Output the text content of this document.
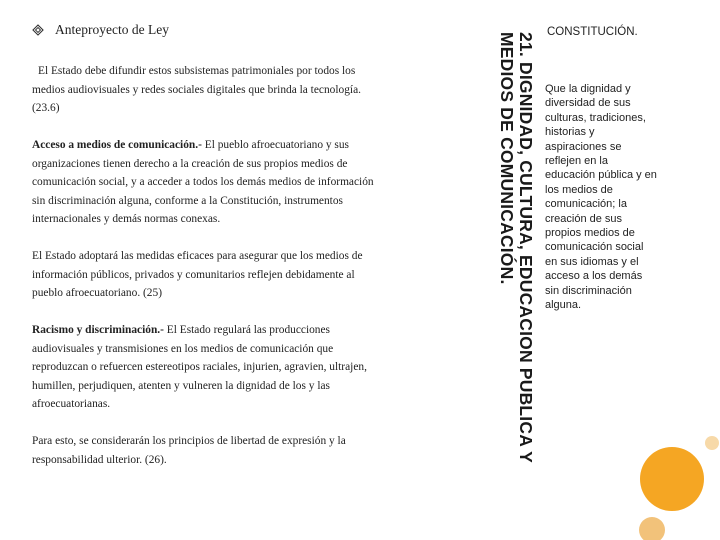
Anteproyecto de Ley

El Estado debe difundir estos subsistemas patrimoniales por todos los medios audiovisuales y redes sociales digitales que brinda la tecnología. (23.6)

Acceso a medios de comunicación.- El pueblo afroecuatoriano y sus organizaciones tienen derecho a la creación de sus propios medios de comunicación social, y a acceder a todos los demás medios de información sin discriminación alguna, conforme a la Constitución, instrumentos internacionales y demás normas conexas.

El Estado adoptará las medidas eficaces para asegurar que los medios de información públicos, privados y comunitarios reflejen debidamente al pueblo afroecuatoriano. (25)

Racismo y discriminación.- El Estado regulará las producciones audiovisuales y transmisiones en los medios de comunicación que reproduzcan o refuercen estereotipos raciales, injurien, agravien, ultrajen, humillen, perjudiquen, atenten y vulneren la dignidad de los y las afroecuatorianas.

Para esto, se considerarán los principios de libertad de expresión y la responsabilidad ulterior. (26).	21. DIGNIDAD, CULTURA, EDUCACION PUBLICA Y
MEDIOS DE COMUNICACIÓN.	CONSTITUCIÓN.
Que la dignidad y diversidad de sus culturas, tradiciones, historias y aspiraciones se reflejen en la educación pública y en los medios de comunicación; la creación de sus propios medios de comunicación social en sus idiomas y el acceso a los demás sin discriminación alguna.
